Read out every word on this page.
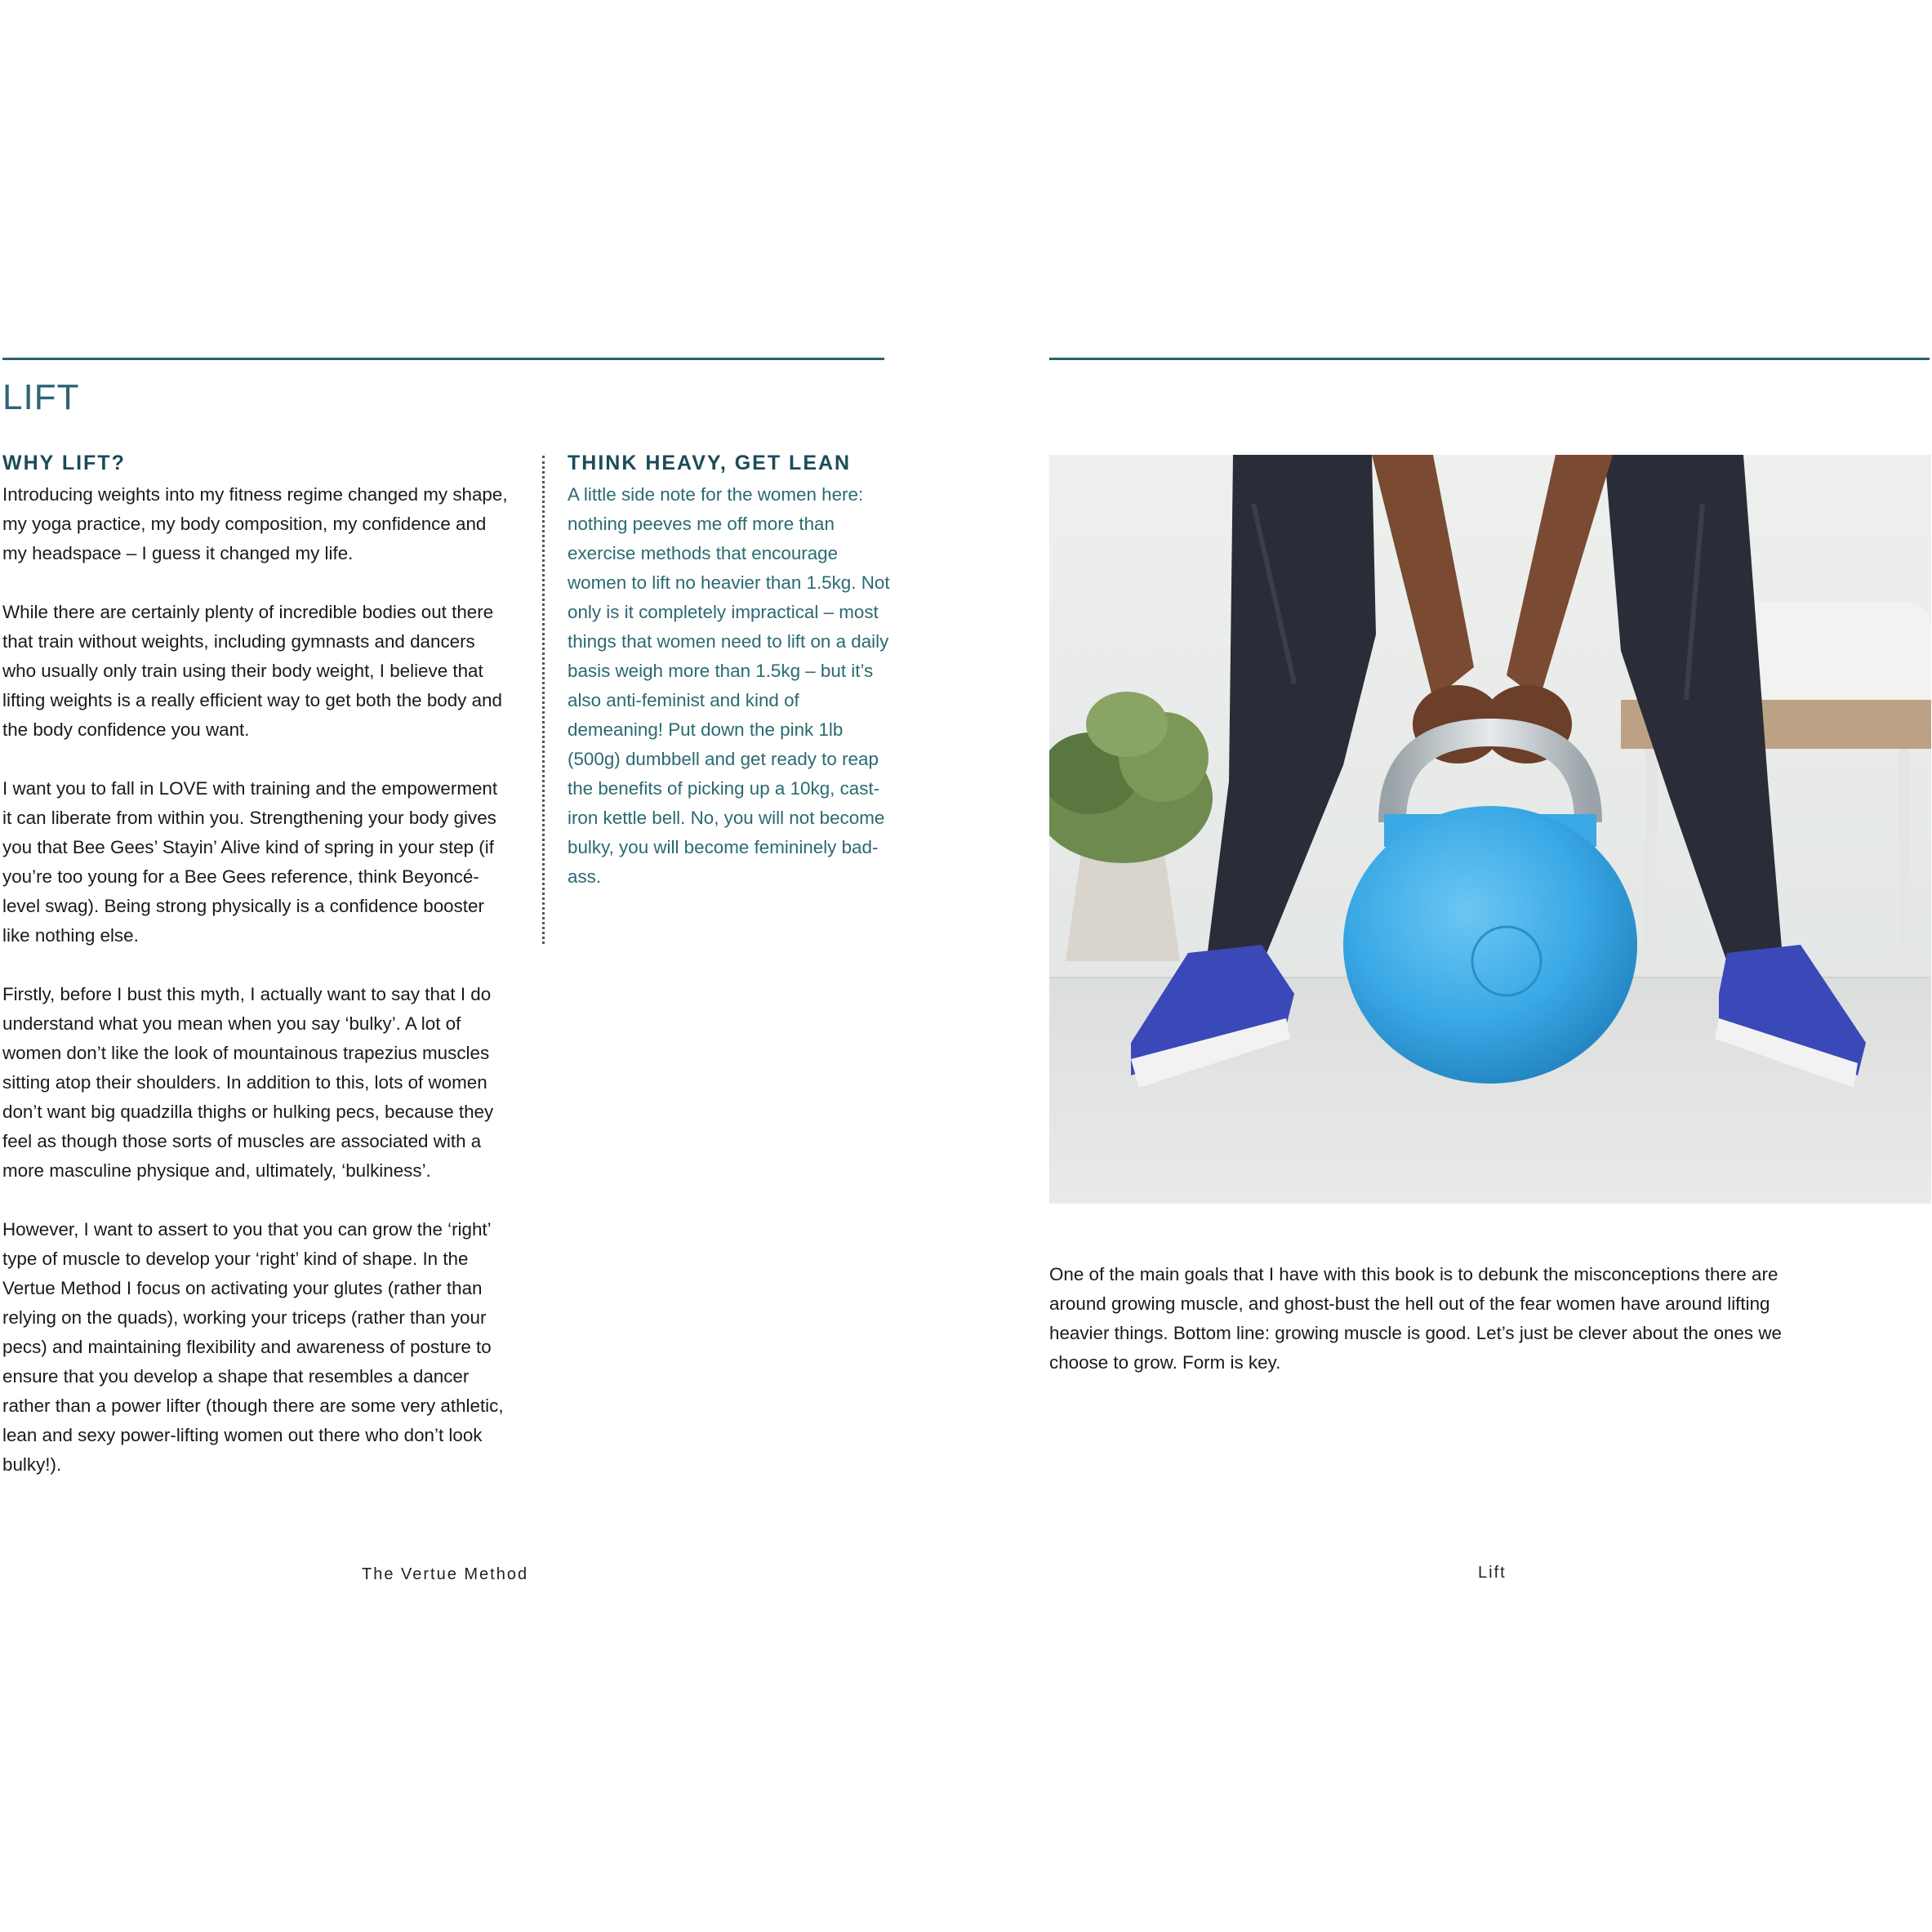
LIFT
WHY LIFT?

Introducing weights into my fitness regime changed my shape, my yoga practice, my body composition, my confidence and my headspace – I guess it changed my life.

While there are certainly plenty of incredible bodies out there that train without weights, including gymnasts and dancers who usually only train using their body weight, I believe that lifting weights is a really efficient way to get both the body and the body confidence you want.

I want you to fall in LOVE with training and the empowerment it can liberate from within you. Strengthening your body gives you that Bee Gees’ Stayin’ Alive kind of spring in your step (if you’re too young for a Bee Gees reference, think Beyoncé-level swag). Being strong physically is a confidence booster like nothing else.

Firstly, before I bust this myth, I actually want to say that I do understand what you mean when you say ‘bulky’. A lot of women don’t like the look of mountainous trapezius muscles sitting atop their shoulders. In addition to this, lots of women don’t want big quadzilla thighs or hulking pecs, because they feel as though those sorts of muscles are associated with a more masculine physique and, ultimately, ‘bulkiness’.

However, I want to assert to you that you can grow the ‘right’ type of muscle to develop your ‘right’ kind of shape. In the Vertue Method I focus on activating your glutes (rather than relying on the quads), working your triceps (rather than your pecs) and maintaining flexibility and awareness of posture to ensure that you develop a shape that resembles a dancer rather than a power lifter (though there are some very athletic, lean and sexy power-lifting women out there who don’t look bulky!).

THINK HEAVY, GET LEAN

A little side note for the women here: nothing peeves me off more than exercise methods that encourage women to lift no heavier than 1.5kg. Not only is it completely impractical – most things that women need to lift on a daily basis weigh more than 1.5kg – but it’s also anti-feminist and kind of demeaning! Put down the pink 1lb (500g) dumbbell and get ready to reap the benefits of picking up a 10kg, cast-iron kettle bell. No, you will not become bulky, you will become femininely bad-ass.

The Vertue Method

One of the main goals that I have with this book is to debunk the misconceptions there are around growing muscle, and ghost-bust the hell out of the fear women have around lifting heavier things. Bottom line: growing muscle is good. Let’s just be clever about the ones we choose to grow. Form is key.

Lift
